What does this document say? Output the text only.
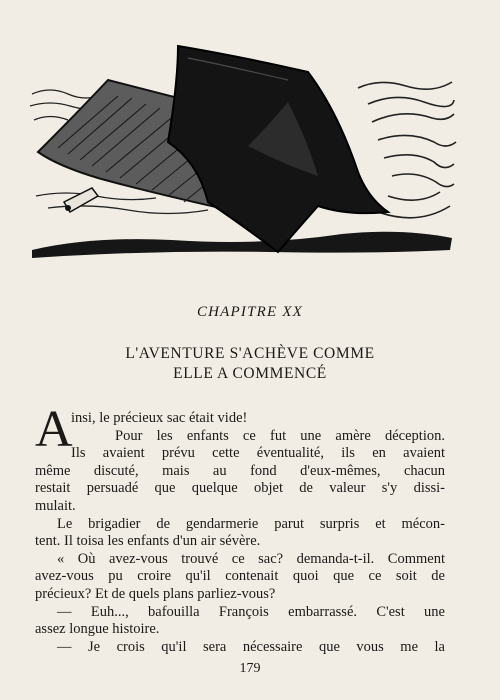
CHAPITRE XX
L'AVENTURE S'ACHÈVE COMME
ELLE A COMMENCÉ
A
insi, le précieux sac était vide!
Pour les enfants ce fut une amère déception.
Ils avaient prévu cette éventualité, ils en avaient
même discuté, mais au fond d'eux-mêmes, chacun
restait persuadé que quelque objet de valeur s'y dissi-
mulait.
Le brigadier de gendarmerie parut surpris et mécon-
tent. Il toisa les enfants d'un air sévère.
« Où avez-vous trouvé ce sac? demanda-t-il. Comment
avez-vous pu croire qu'il contenait quoi que ce soit de
précieux? Et de quels plans parliez-vous?
— Euh..., bafouilla François embarrassé. C'est une
assez longue histoire.
— Je crois qu'il sera nécessaire que vous me la
179
